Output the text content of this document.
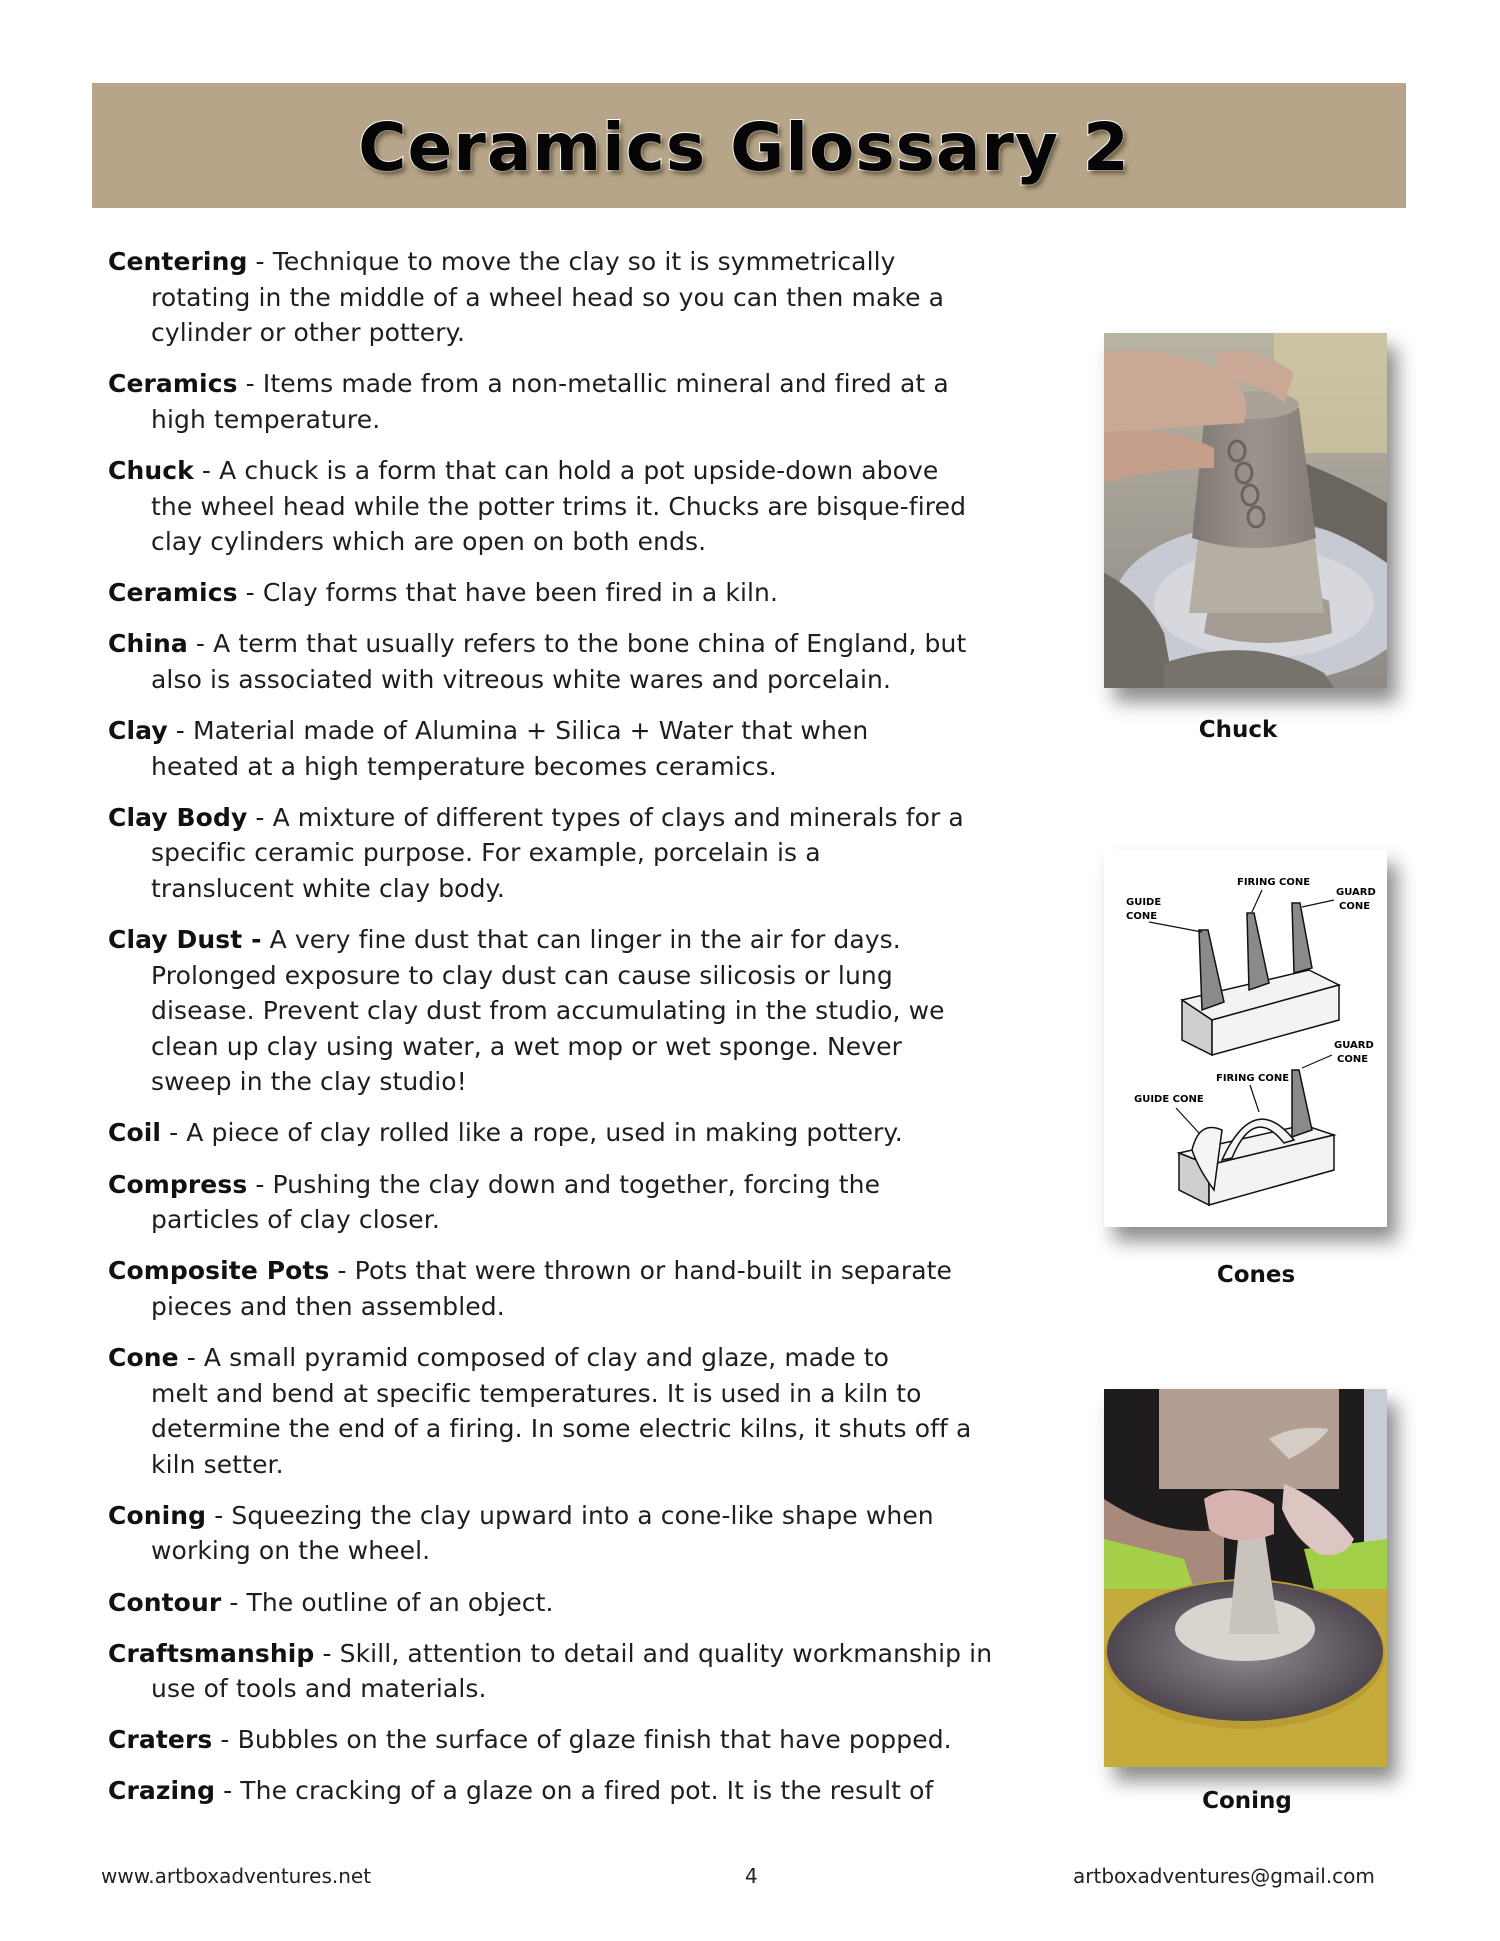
Ceramics Glossary 2
Centering - Technique to move the clay so it is symmetrically
rotating in the middle of a wheel head so you can then make a
cylinder or other pottery.
Ceramics - Items made from a non-metallic mineral and fired at a
high temperature.
Chuck - A chuck is a form that can hold a pot upside-down above
the wheel head while the potter trims it. Chucks are bisque-fired
clay cylinders which are open on both ends.
Ceramics - Clay forms that have been fired in a kiln.
China - A term that usually refers to the bone china of England, but
also is associated with vitreous white wares and porcelain.
Clay - Material made of Alumina + Silica + Water that when
heated at a high temperature becomes ceramics.
Clay Body - A mixture of different types of clays and minerals for a
specific ceramic purpose. For example, porcelain is a
translucent white clay body.
Clay Dust - A very fine dust that can linger in the air for days.
Prolonged exposure to clay dust can cause silicosis or lung
disease. Prevent clay dust from accumulating in the studio, we
clean up clay using water, a wet mop or wet sponge. Never
sweep in the clay studio!
Coil - A piece of clay rolled like a rope, used in making pottery.
Compress - Pushing the clay down and together, forcing the
particles of clay closer.
Composite Pots - Pots that were thrown or hand-built in separate
pieces and then assembled.
Cone - A small pyramid composed of clay and glaze, made to
melt and bend at specific temperatures. It is used in a kiln to
determine the end of a firing. In some electric kilns, it shuts off a
kiln setter.
Coning - Squeezing the clay upward into a cone-like shape when
working on the wheel.
Contour - The outline of an object.
Craftsmanship - Skill, attention to detail and quality workmanship in
use of tools and materials.
Craters - Bubbles on the surface of glaze finish that have popped.
Crazing - The cracking of a glaze on a fired pot. It is the result of
Chuck
FIRING CONE
GUIDE
CONE
GUARD
CONE
FIRING CONE
GUIDE CONE
GUARD
CONE
Cones
Coning
www.artboxadventures.net	4	artboxadventures@gmail.com
